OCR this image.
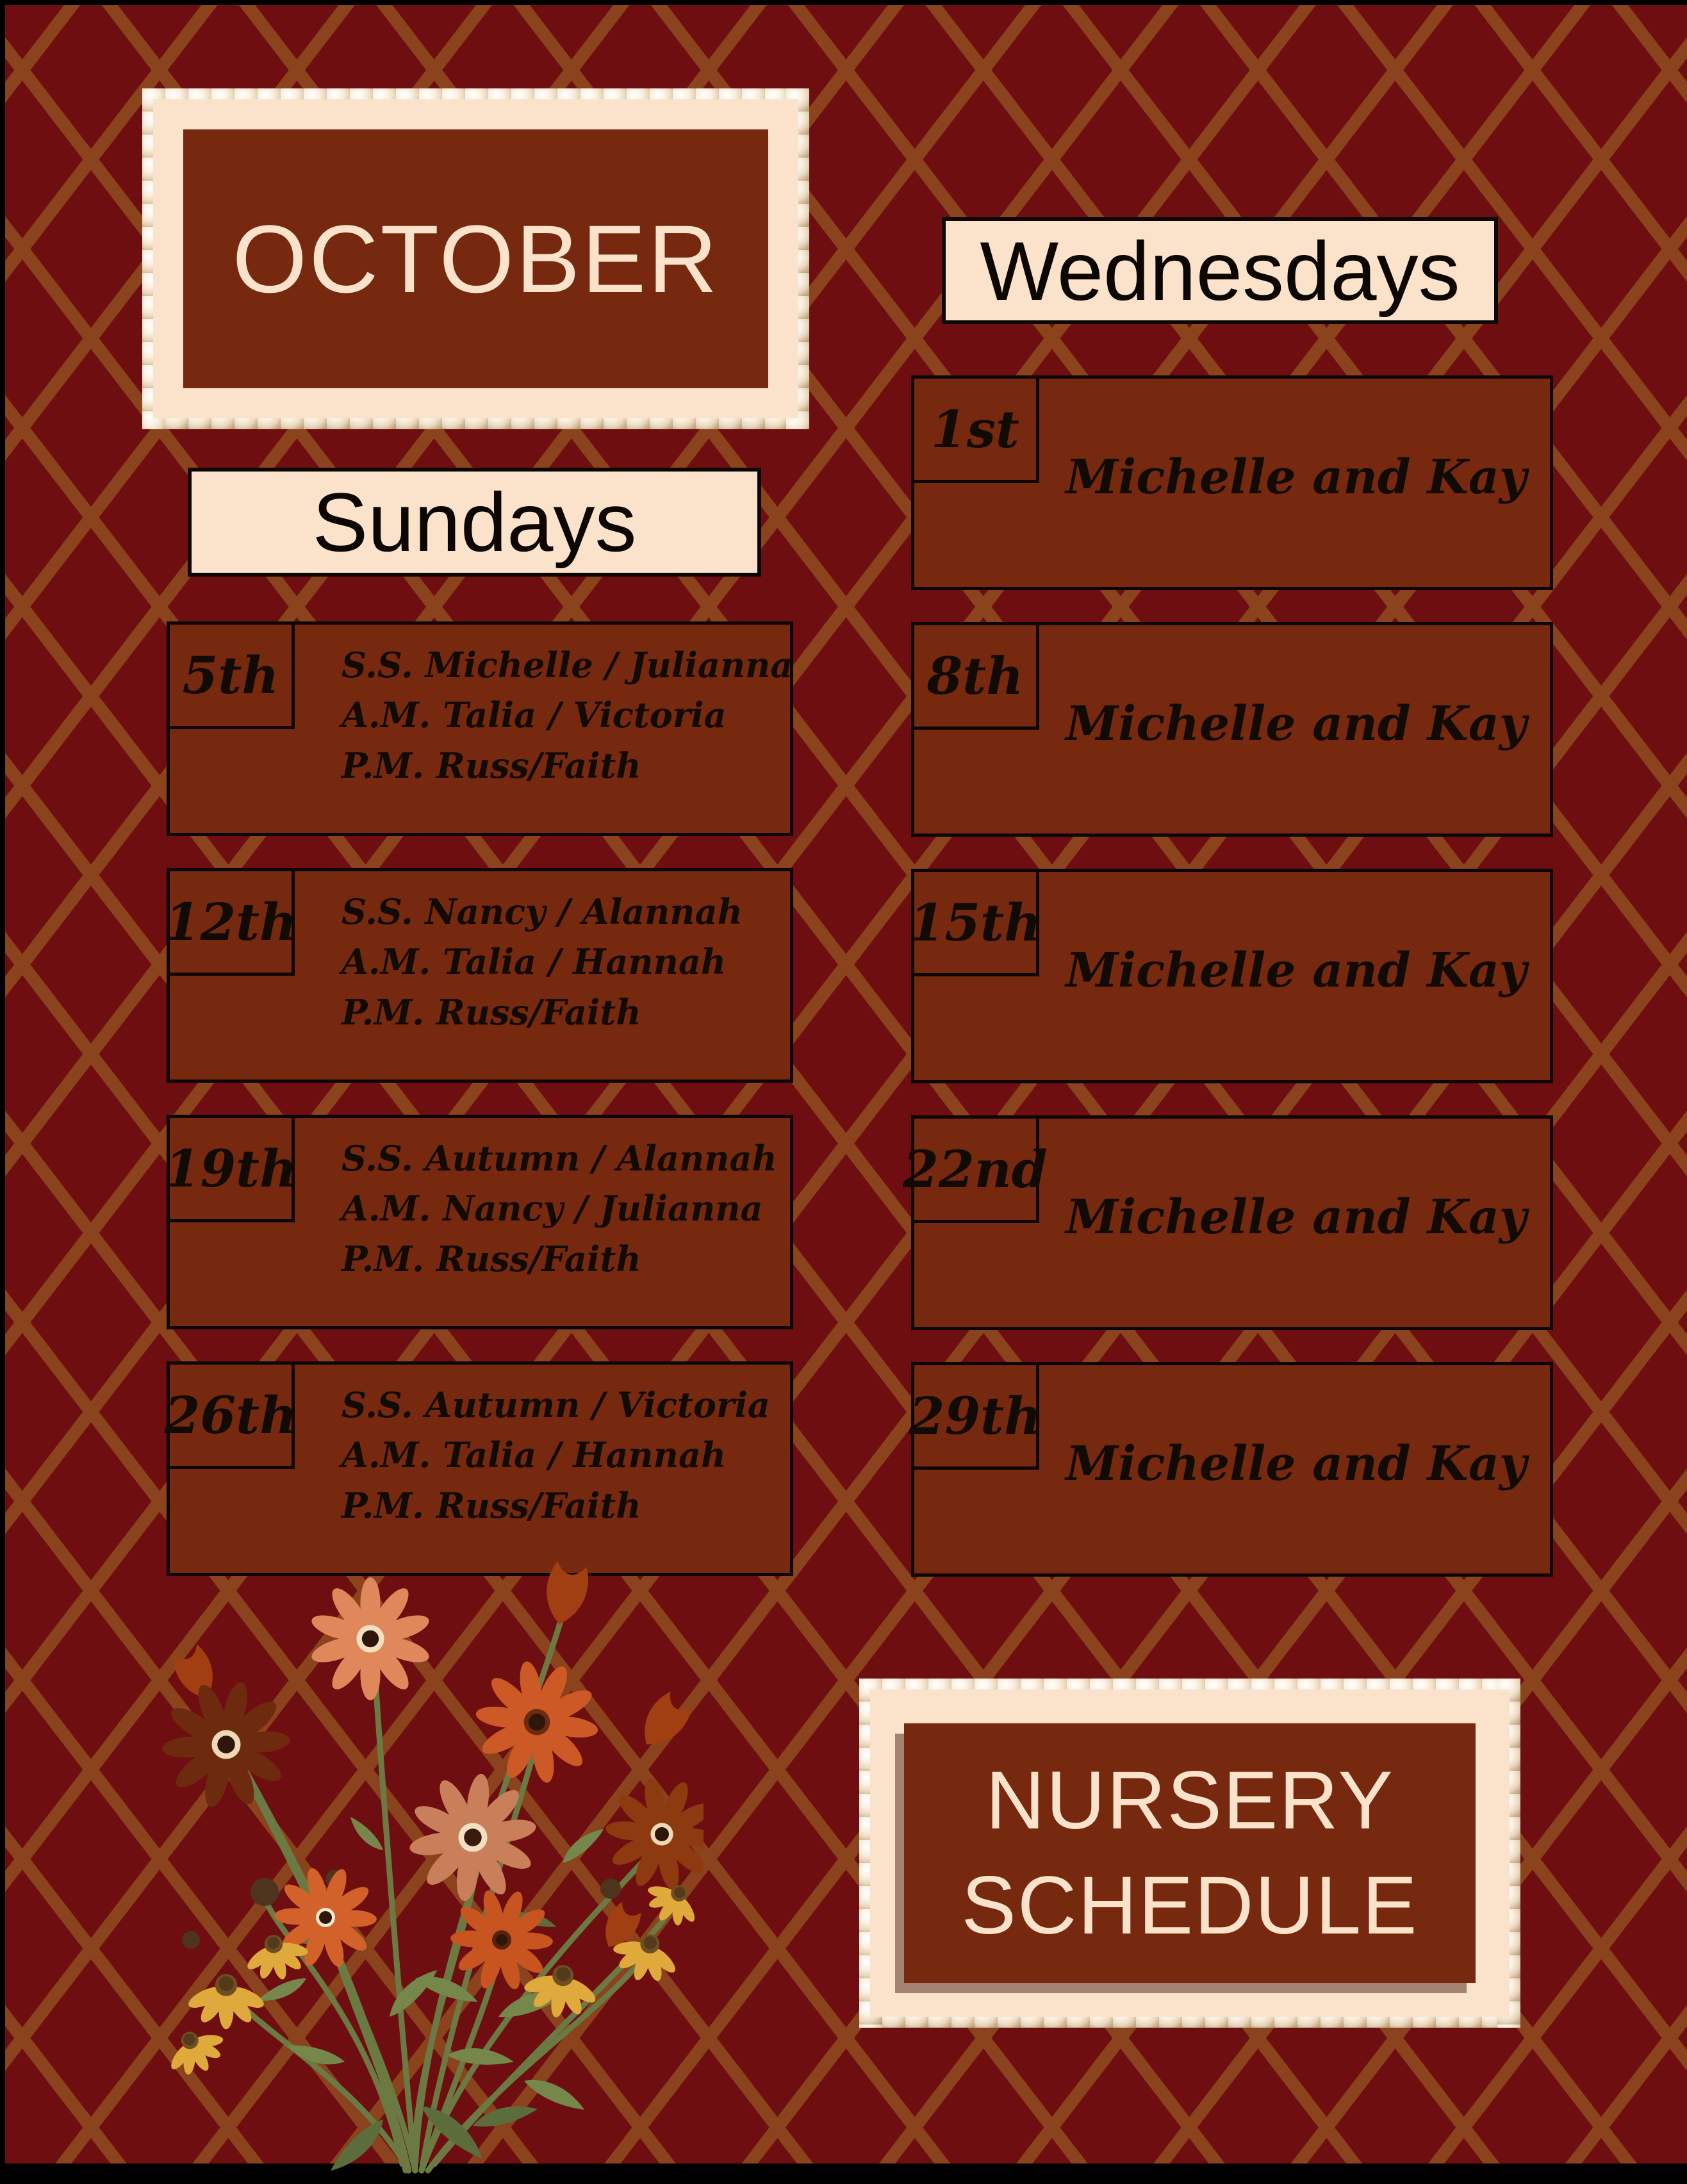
OCTOBER	Wednesdays
Sundays
5th S.S. Michelle / Julianna
A.M. Talia / Victoria
P.M. Russ/Faith
12th S.S. Nancy / Alannah
A.M. Talia / Hannah
P.M. Russ/Faith
19th S.S. Autumn / Alannah
A.M. Nancy / Julianna
P.M. Russ/Faith
26th S.S. Autumn / Victoria
A.M. Talia / Hannah
P.M. Russ/Faith
1st
Michelle and Kay
8th
Michelle and Kay
15th
Michelle and Kay
22nd
Michelle and Kay
29th
Michelle and Kay
NURSERY
SCHEDULE
